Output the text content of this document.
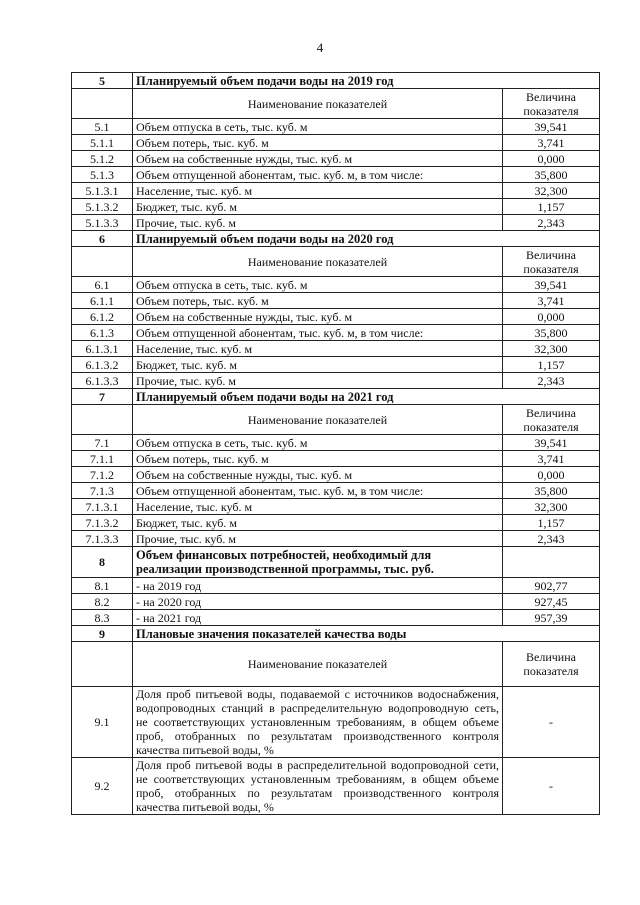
4
5	Планируемый объем подачи воды на 2019 год	
	Наименование показателей	Величина показателя
5.1	Объем отпуска в сеть, тыс. куб. м	39,541
5.1.1	Объем потерь, тыс. куб. м	3,741
5.1.2	Объем на собственные нужды, тыс. куб. м	0,000
5.1.3	Объем отпущенной абонентам, тыс. куб. м, в том числе:	35,800
5.1.3.1	Население, тыс. куб. м	32,300
5.1.3.2	Бюджет, тыс. куб. м	1,157
5.1.3.3	Прочие, тыс. куб. м	2,343
6	Планируемый объем подачи воды на 2020 год	
	Наименование показателей	Величина показателя
6.1	Объем отпуска в сеть, тыс. куб. м	39,541
6.1.1	Объем потерь, тыс. куб. м	3,741
6.1.2	Объем на собственные нужды, тыс. куб. м	0,000
6.1.3	Объем отпущенной абонентам, тыс. куб. м, в том числе:	35,800
6.1.3.1	Население, тыс. куб. м	32,300
6.1.3.2	Бюджет, тыс. куб. м	1,157
6.1.3.3	Прочие, тыс. куб. м	2,343
7	Планируемый объем подачи воды на 2021 год	
	Наименование показателей	Величина показателя
7.1	Объем отпуска в сеть, тыс. куб. м	39,541
7.1.1	Объем потерь, тыс. куб. м	3,741
7.1.2	Объем на собственные нужды, тыс. куб. м	0,000
7.1.3	Объем отпущенной абонентам, тыс. куб. м, в том числе:	35,800
7.1.3.1	Население, тыс. куб. м	32,300
7.1.3.2	Бюджет, тыс. куб. м	1,157
7.1.3.3	Прочие, тыс. куб. м	2,343
8	Объем финансовых потребностей, необходимый для реализации производственной программы, тыс. руб.	
8.1	- на 2019 год	902,77
8.2	- на 2020 год	927,45
8.3	- на 2021 год	957,39
9	Плановые значения показателей качества воды	
	Наименование показателей	Величина показателя
9.1	Доля проб питьевой воды, подаваемой с источников водоснабжения, водопроводных станций в распределительную водопроводную сеть, не соответствующих установленным требованиям, в общем объеме проб, отобранных по результатам производственного контроля качества питьевой воды, %	-
9.2	Доля проб питьевой воды в распределительной водопроводной сети, не соответствующих установленным требованиям, в общем объеме проб, отобранных по результатам производственного контроля качества питьевой воды, %	-
